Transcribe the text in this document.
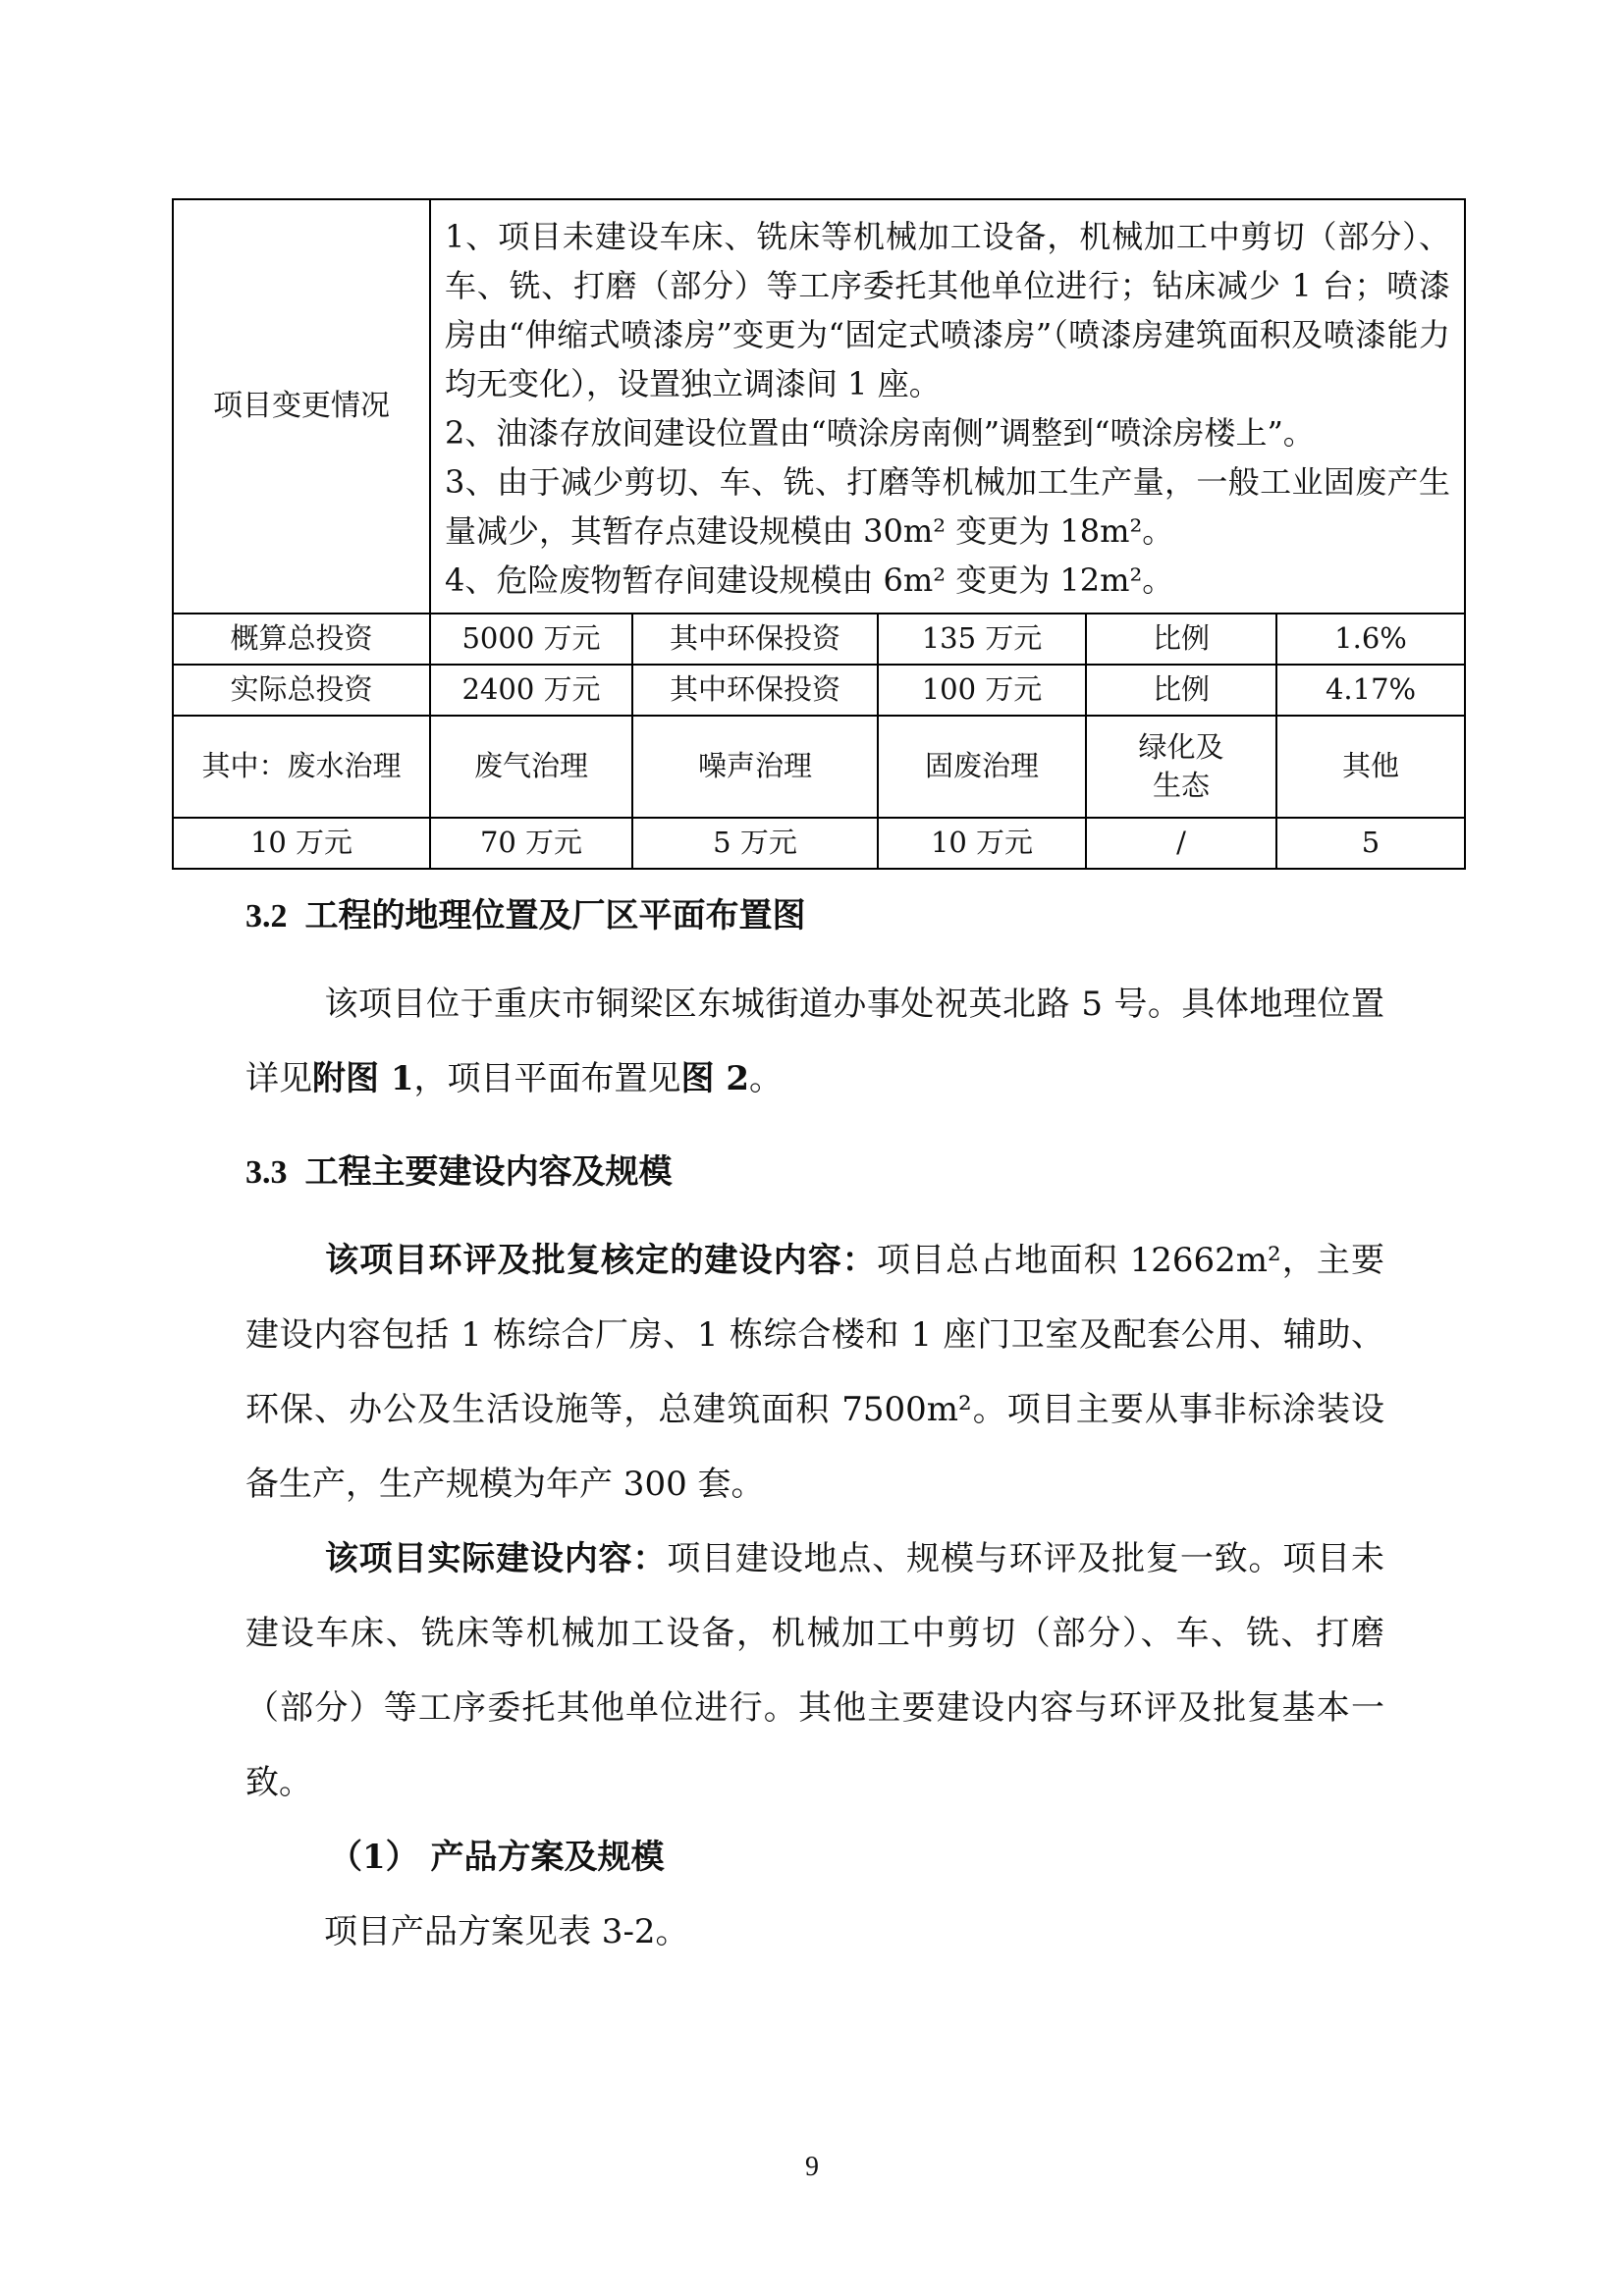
项目变更情况	1、项目未建设车床、铣床等机械加工设备，机械加工中剪切（部分）、车、铣、打磨（部分）等工序委托其他单位进行；钻床减少 1 台；喷漆房由“伸缩式喷漆房”变更为“固定式喷漆房”（喷漆房建筑面积及喷漆能力均无变化），设置独立调漆间 1 座。

2、油漆存放间建设位置由“喷涂房南侧”调整到“喷涂房楼上”。

3、由于减少剪切、车、铣、打磨等机械加工生产量，一般工业固废产生量减少，其暂存点建设规模由 30m² 变更为 18m²。

4、危险废物暂存间建设规模由 6m² 变更为 12m²。				

概算总投资	5000 万元	其中环保投资	135 万元	比例	1.6%
实际总投资	2400 万元	其中环保投资	100 万元	比例	4.17%
其中：废水治理	废气治理	噪声治理	固废治理	绿化及生态	其他
10 万元	70 万元	5 万元	10 万元	/	5
3.2 工程的地理位置及厂区平面布置图
该项目位于重庆市铜梁区东城街道办事处祝英北路 5 号。具体地理位置详见附图 1，项目平面布置见图 2。
3.3 工程主要建设内容及规模
该项目环评及批复核定的建设内容：项目总占地面积 12662m²，主要建设内容包括 1 栋综合厂房、1 栋综合楼和 1 座门卫室及配套公用、辅助、环保、办公及生活设施等，总建筑面积 7500m²。项目主要从事非标涂装设备生产，生产规模为年产 300 套。
该项目实际建设内容：项目建设地点、规模与环评及批复一致。项目未建设车床、铣床等机械加工设备，机械加工中剪切（部分）、车、铣、打磨（部分）等工序委托其他单位进行。其他主要建设内容与环评及批复基本一致。
（1） 产品方案及规模
项目产品方案见表 3-2。
9
